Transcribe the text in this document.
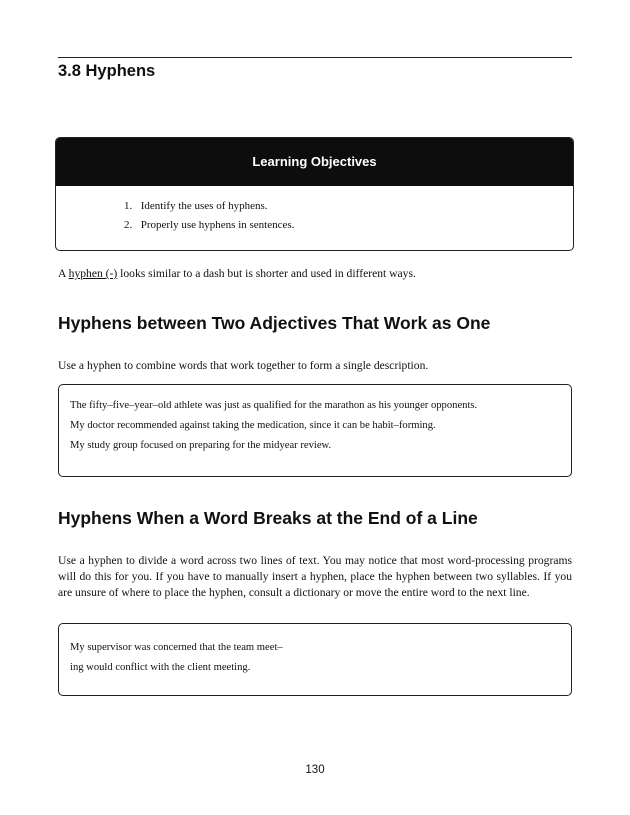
3.8 Hyphens
Learning Objectives
1. Identify the uses of hyphens.
2. Properly use hyphens in sentences.

A hyphen (-) looks similar to a dash but is shorter and used in different ways.

Hyphens between Two Adjectives That Work as One

Use a hyphen to combine words that work together to form a single description.

The fifty–five–year–old athlete was just as qualified for the marathon as his younger opponents.
My doctor recommended against taking the medication, since it can be habit–forming.
My study group focused on preparing for the midyear review.
Hyphens When a Word Breaks at the End of a Line

Use a hyphen to divide a word across two lines of text. You may notice that most word-processing programs will do this for you. If you have to manually insert a hyphen, place the hyphen between two syllables. If you are unsure of where to place the hyphen, consult a dictionary or move the entire word to the next line.

My supervisor was concerned that the team meet–
ing would conflict with the client meeting.
130
